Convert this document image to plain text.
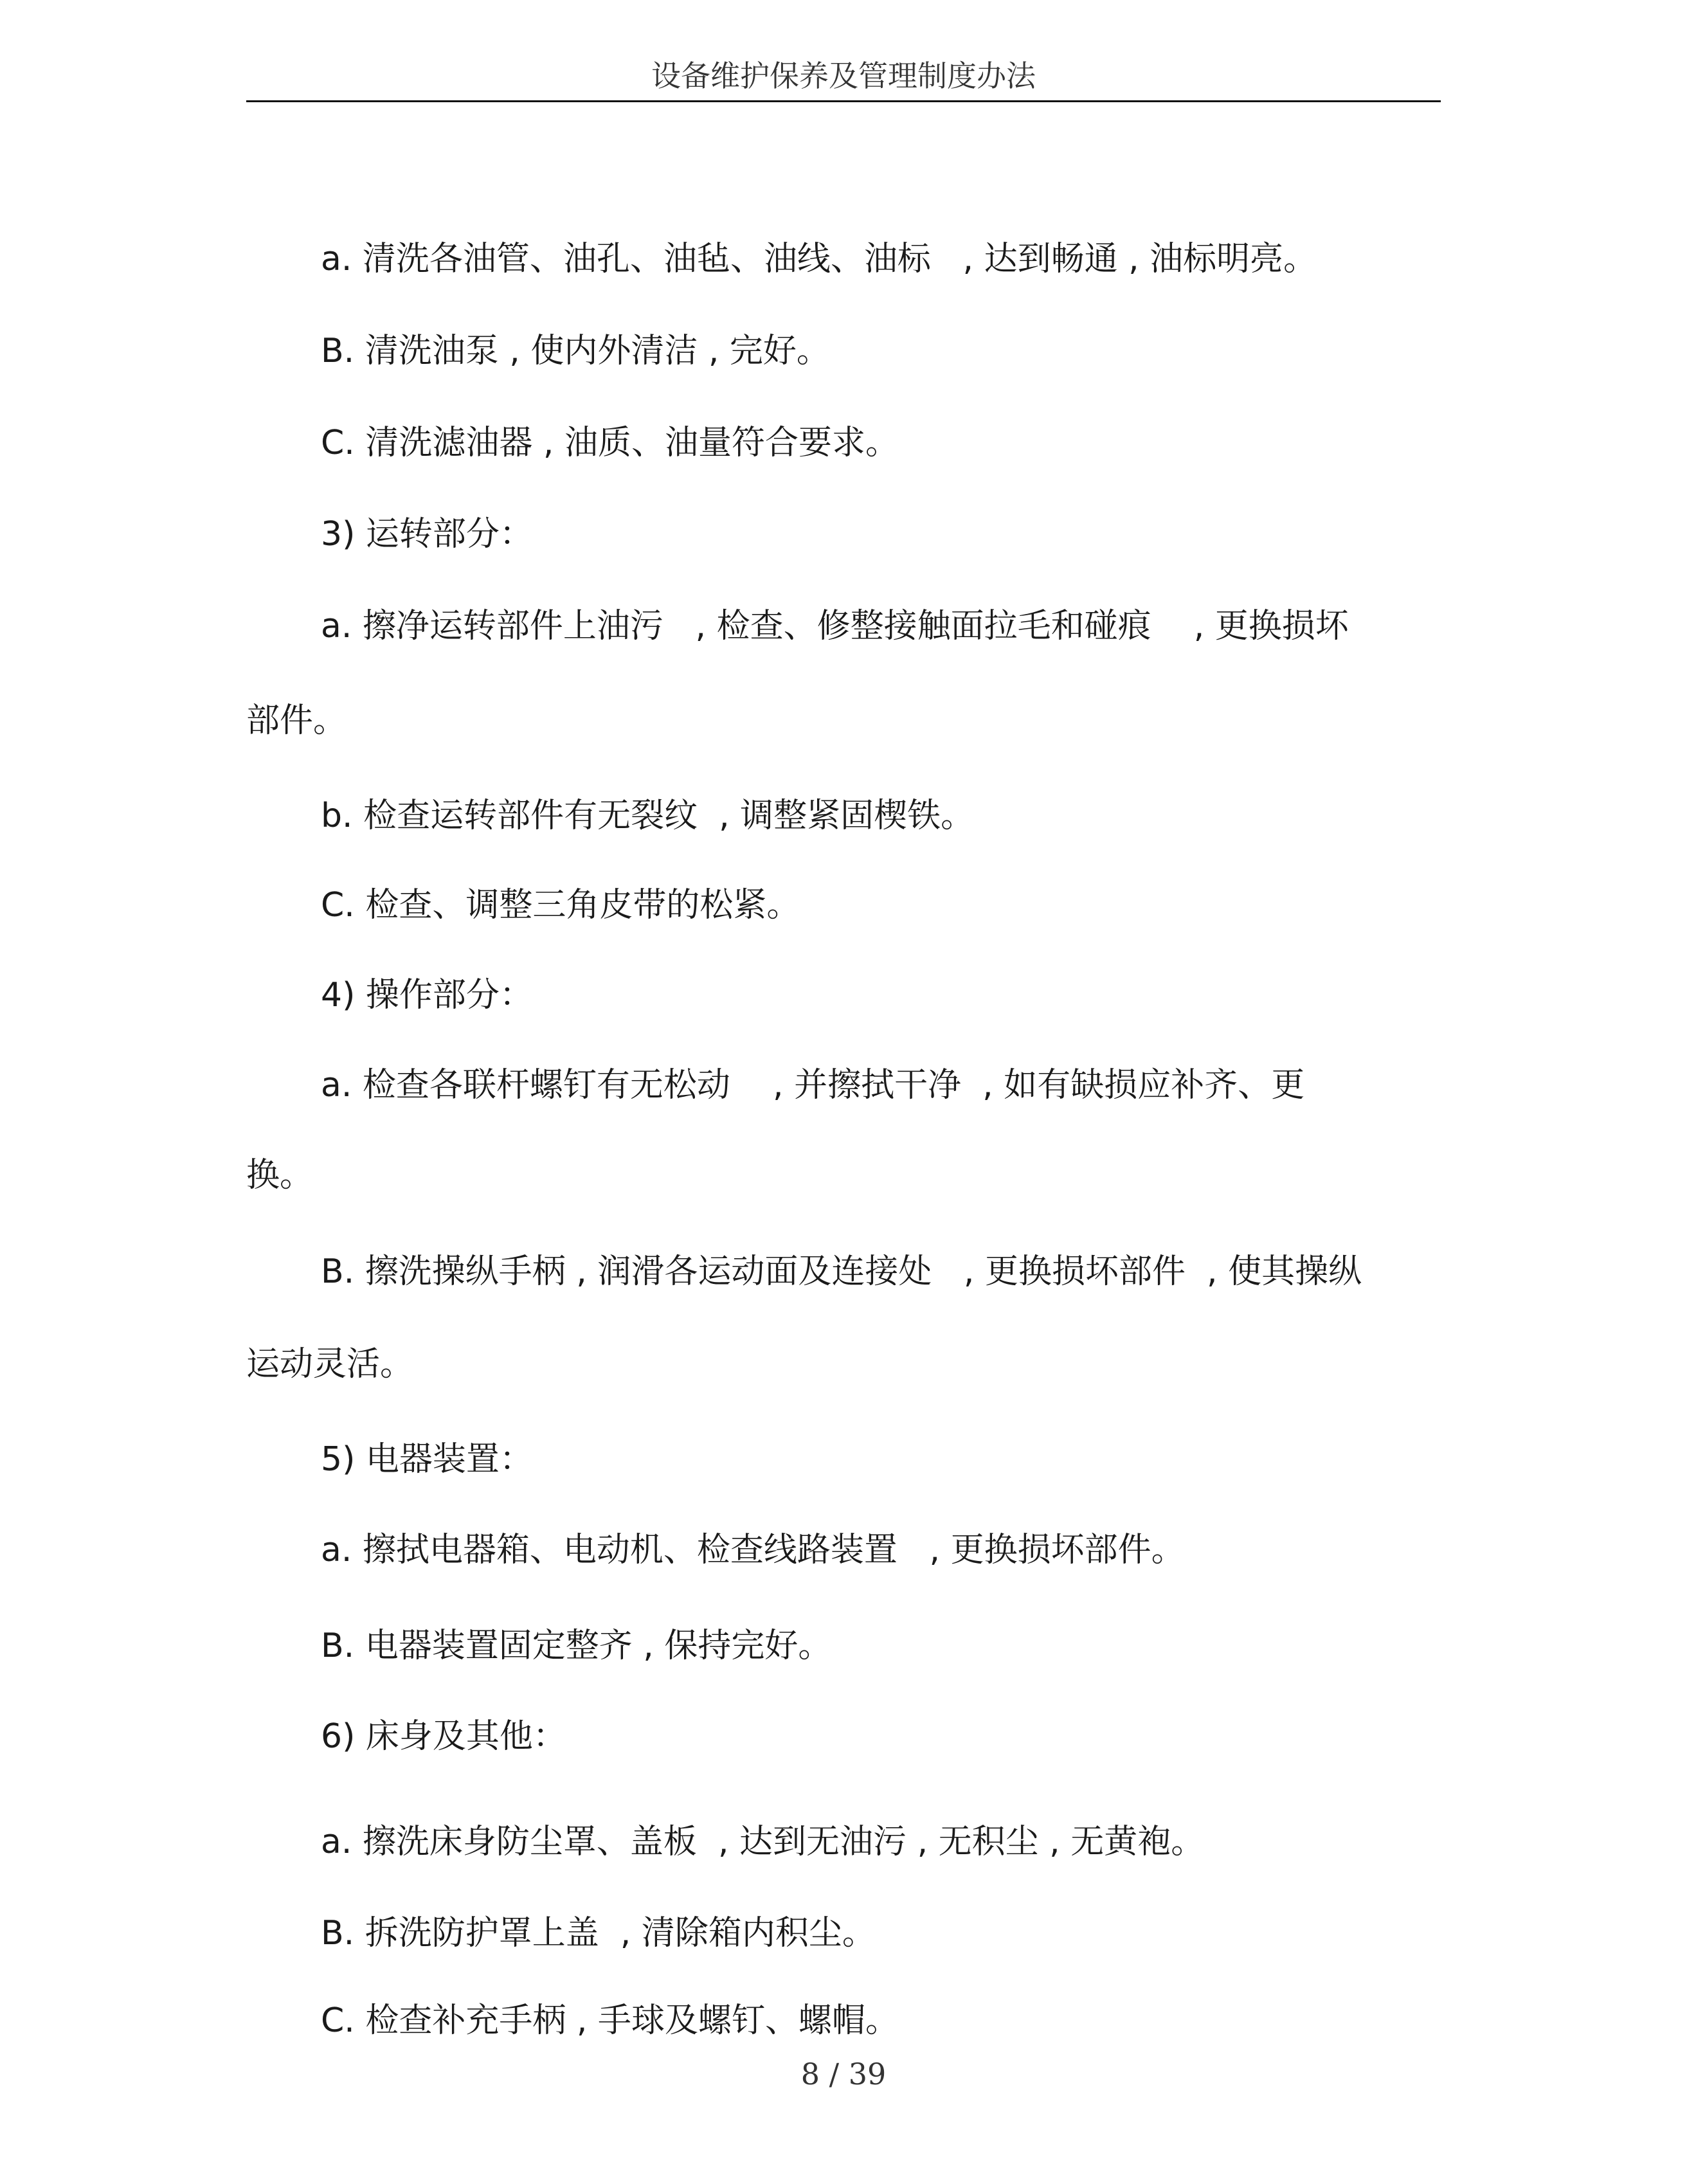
设备维护保养及管理制度办法
a. 清洗各油管、油孔、油毡、油线、油标   , 达到畅通 , 油标明亮。
B. 清洗油泵 , 使内外清洁 , 完好。
C. 清洗滤油器 , 油质、油量符合要求。
3) 运转部分：
a. 擦净运转部件上油污   , 检查、修整接触面拉毛和碰痕    , 更换损坏
部件。
b. 检查运转部件有无裂纹  , 调整紧固楔铁。
C. 检查、调整三角皮带的松紧。
4) 操作部分：
a. 检查各联杆螺钉有无松动    , 并擦拭干净  , 如有缺损应补齐、更
换。
B. 擦洗操纵手柄 , 润滑各运动面及连接处   , 更换损坏部件  , 使其操纵
运动灵活。
5) 电器装置：
a. 擦拭电器箱、电动机、检查线路装置   , 更换损坏部件。
B. 电器装置固定整齐 , 保持完好。
6) 床身及其他：
a. 擦洗床身防尘罩、盖板  , 达到无油污 , 无积尘 , 无黄袍。
B. 拆洗防护罩上盖  , 清除箱内积尘。
C. 检查补充手柄 , 手球及螺钉、螺帽。
8 / 39
